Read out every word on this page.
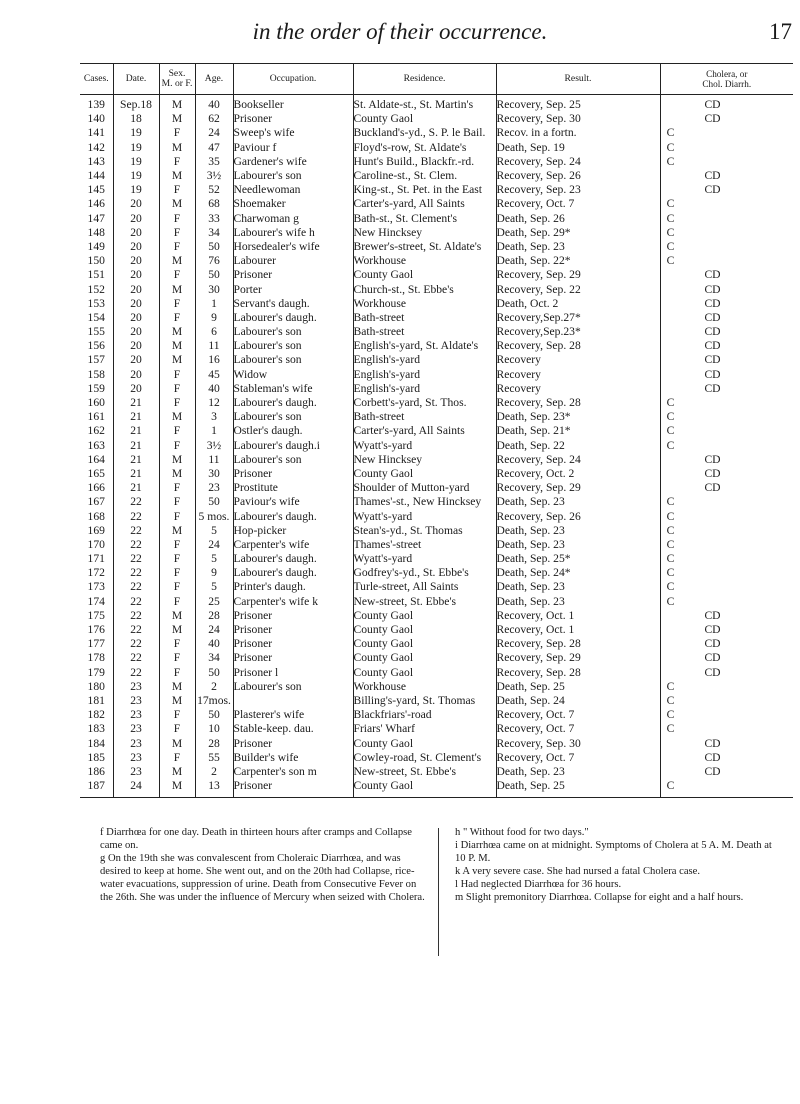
in the order of their occurrence.	17
Cases.	Date.	Sex.
M. or F.	Age.	Occupation.	Residence.	Result.	Cholera, or
Chol. Diarrh.
139	Sep.18	M	40	Bookseller	St. Aldate-st., St. Martin's	Recovery, Sep. 25	CD
140	18	M	62	Prisoner	County Gaol	Recovery, Sep. 30	CD
141	19	F	24	Sweep's wife	Buckland's-yd., S. P. le Bail.	Recov. in a fortn.	C
142	19	M	47	Paviour f	Floyd's-row, St. Aldate's	Death, Sep. 19	C
143	19	F	35	Gardener's wife	Hunt's Build., Blackfr.-rd.	Recovery, Sep. 24	C
144	19	M	3½	Labourer's son	Caroline-st., St. Clem.	Recovery, Sep. 26	CD
145	19	F	52	Needlewoman	King-st., St. Pet. in the East	Recovery, Sep. 23	CD
146	20	M	68	Shoemaker	Carter's-yard, All Saints	Recovery, Oct. 7	C
147	20	F	33	Charwoman g	Bath-st., St. Clement's	Death, Sep. 26	C
148	20	F	34	Labourer's wife h	New Hincksey	Death, Sep. 29*	C
149	20	F	50	Horsedealer's wife	Brewer's-street, St. Aldate's	Death, Sep. 23	C
150	20	M	76	Labourer	Workhouse	Death, Sep. 22*	C
151	20	F	50	Prisoner	County Gaol	Recovery, Sep. 29	CD
152	20	M	30	Porter	Church-st., St. Ebbe's	Recovery, Sep. 22	CD
153	20	F	1	Servant's daugh.	Workhouse	Death, Oct. 2	CD
154	20	F	9	Labourer's daugh.	Bath-street	Recovery,Sep.27*	CD
155	20	M	6	Labourer's son	Bath-street	Recovery,Sep.23*	CD
156	20	M	11	Labourer's son	English's-yard, St. Aldate's	Recovery, Sep. 28	CD
157	20	M	16	Labourer's son	English's-yard	Recovery	CD
158	20	F	45	Widow	English's-yard	Recovery	CD
159	20	F	40	Stableman's wife	English's-yard	Recovery	CD
160	21	F	12	Labourer's daugh.	Corbett's-yard, St. Thos.	Recovery, Sep. 28	C
161	21	M	3	Labourer's son	Bath-street	Death, Sep. 23*	C
162	21	F	1	Ostler's daugh.	Carter's-yard, All Saints	Death, Sep. 21*	C
163	21	F	3½	Labourer's daugh.i	Wyatt's-yard	Death, Sep. 22	C
164	21	M	11	Labourer's son	New Hincksey	Recovery, Sep. 24	CD
165	21	M	30	Prisoner	County Gaol	Recovery, Oct. 2	CD
166	21	F	23	Prostitute	Shoulder of Mutton-yard	Recovery, Sep. 29	CD
167	22	F	50	Paviour's wife	Thames'-st., New Hincksey	Death, Sep. 23	C
168	22	F	5 mos.	Labourer's daugh.	Wyatt's-yard	Recovery, Sep. 26	C
169	22	M	5	Hop-picker	Stean's-yd., St. Thomas	Death, Sep. 23	C
170	22	F	24	Carpenter's wife	Thames'-street	Death, Sep. 23	C
171	22	F	5	Labourer's daugh.	Wyatt's-yard	Death, Sep. 25*	C
172	22	F	9	Labourer's daugh.	Godfrey's-yd., St. Ebbe's	Death, Sep. 24*	C
173	22	F	5	Printer's daugh.	Turle-street, All Saints	Death, Sep. 23	C
174	22	F	25	Carpenter's wife k	New-street, St. Ebbe's	Death, Sep. 23	C
175	22	M	28	Prisoner	County Gaol	Recovery, Oct. 1	CD
176	22	M	24	Prisoner	County Gaol	Recovery, Oct. 1	CD
177	22	F	40	Prisoner	County Gaol	Recovery, Sep. 28	CD
178	22	F	34	Prisoner	County Gaol	Recovery, Sep. 29	CD
179	22	F	50	Prisoner l	County Gaol	Recovery, Sep. 28	CD
180	23	M	2	Labourer's son	Workhouse	Death, Sep. 25	C
181	23	M	17mos.		Billing's-yard, St. Thomas	Death, Sep. 24	C
182	23	F	50	Plasterer's wife	Blackfriars'-road	Recovery, Oct. 7	C
183	23	F	10	Stable-keep. dau.	Friars' Wharf	Recovery, Oct. 7	C
184	23	M	28	Prisoner	County Gaol	Recovery, Sep. 30	CD
185	23	F	55	Builder's wife	Cowley-road, St. Clement's	Recovery, Oct. 7	CD
186	23	M	2	Carpenter's son m	New-street, St. Ebbe's	Death, Sep. 23	CD
187	24	M	13	Prisoner	County Gaol	Death, Sep. 25	C

f Diarrhœa for one day. Death in thirteen hours after cramps and Collapse came on.

g On the 19th she was convalescent from Choleraic Diarrhœa, and was desired to keep at home. She went out, and on the 20th had Collapse, rice-water evacuations, suppression of urine. Death from Consecutive Fever on the 26th. She was under the influence of Mercury when seized with Cholera.

h " Without food for two days."

i Diarrhœa came on at midnight. Symptoms of Cholera at 5 A. M. Death at 10 P. M.

k A very severe case. She had nursed a fatal Cholera case.

l Had neglected Diarrhœa for 36 hours.

m Slight premonitory Diarrhœa. Collapse for eight and a half hours.
